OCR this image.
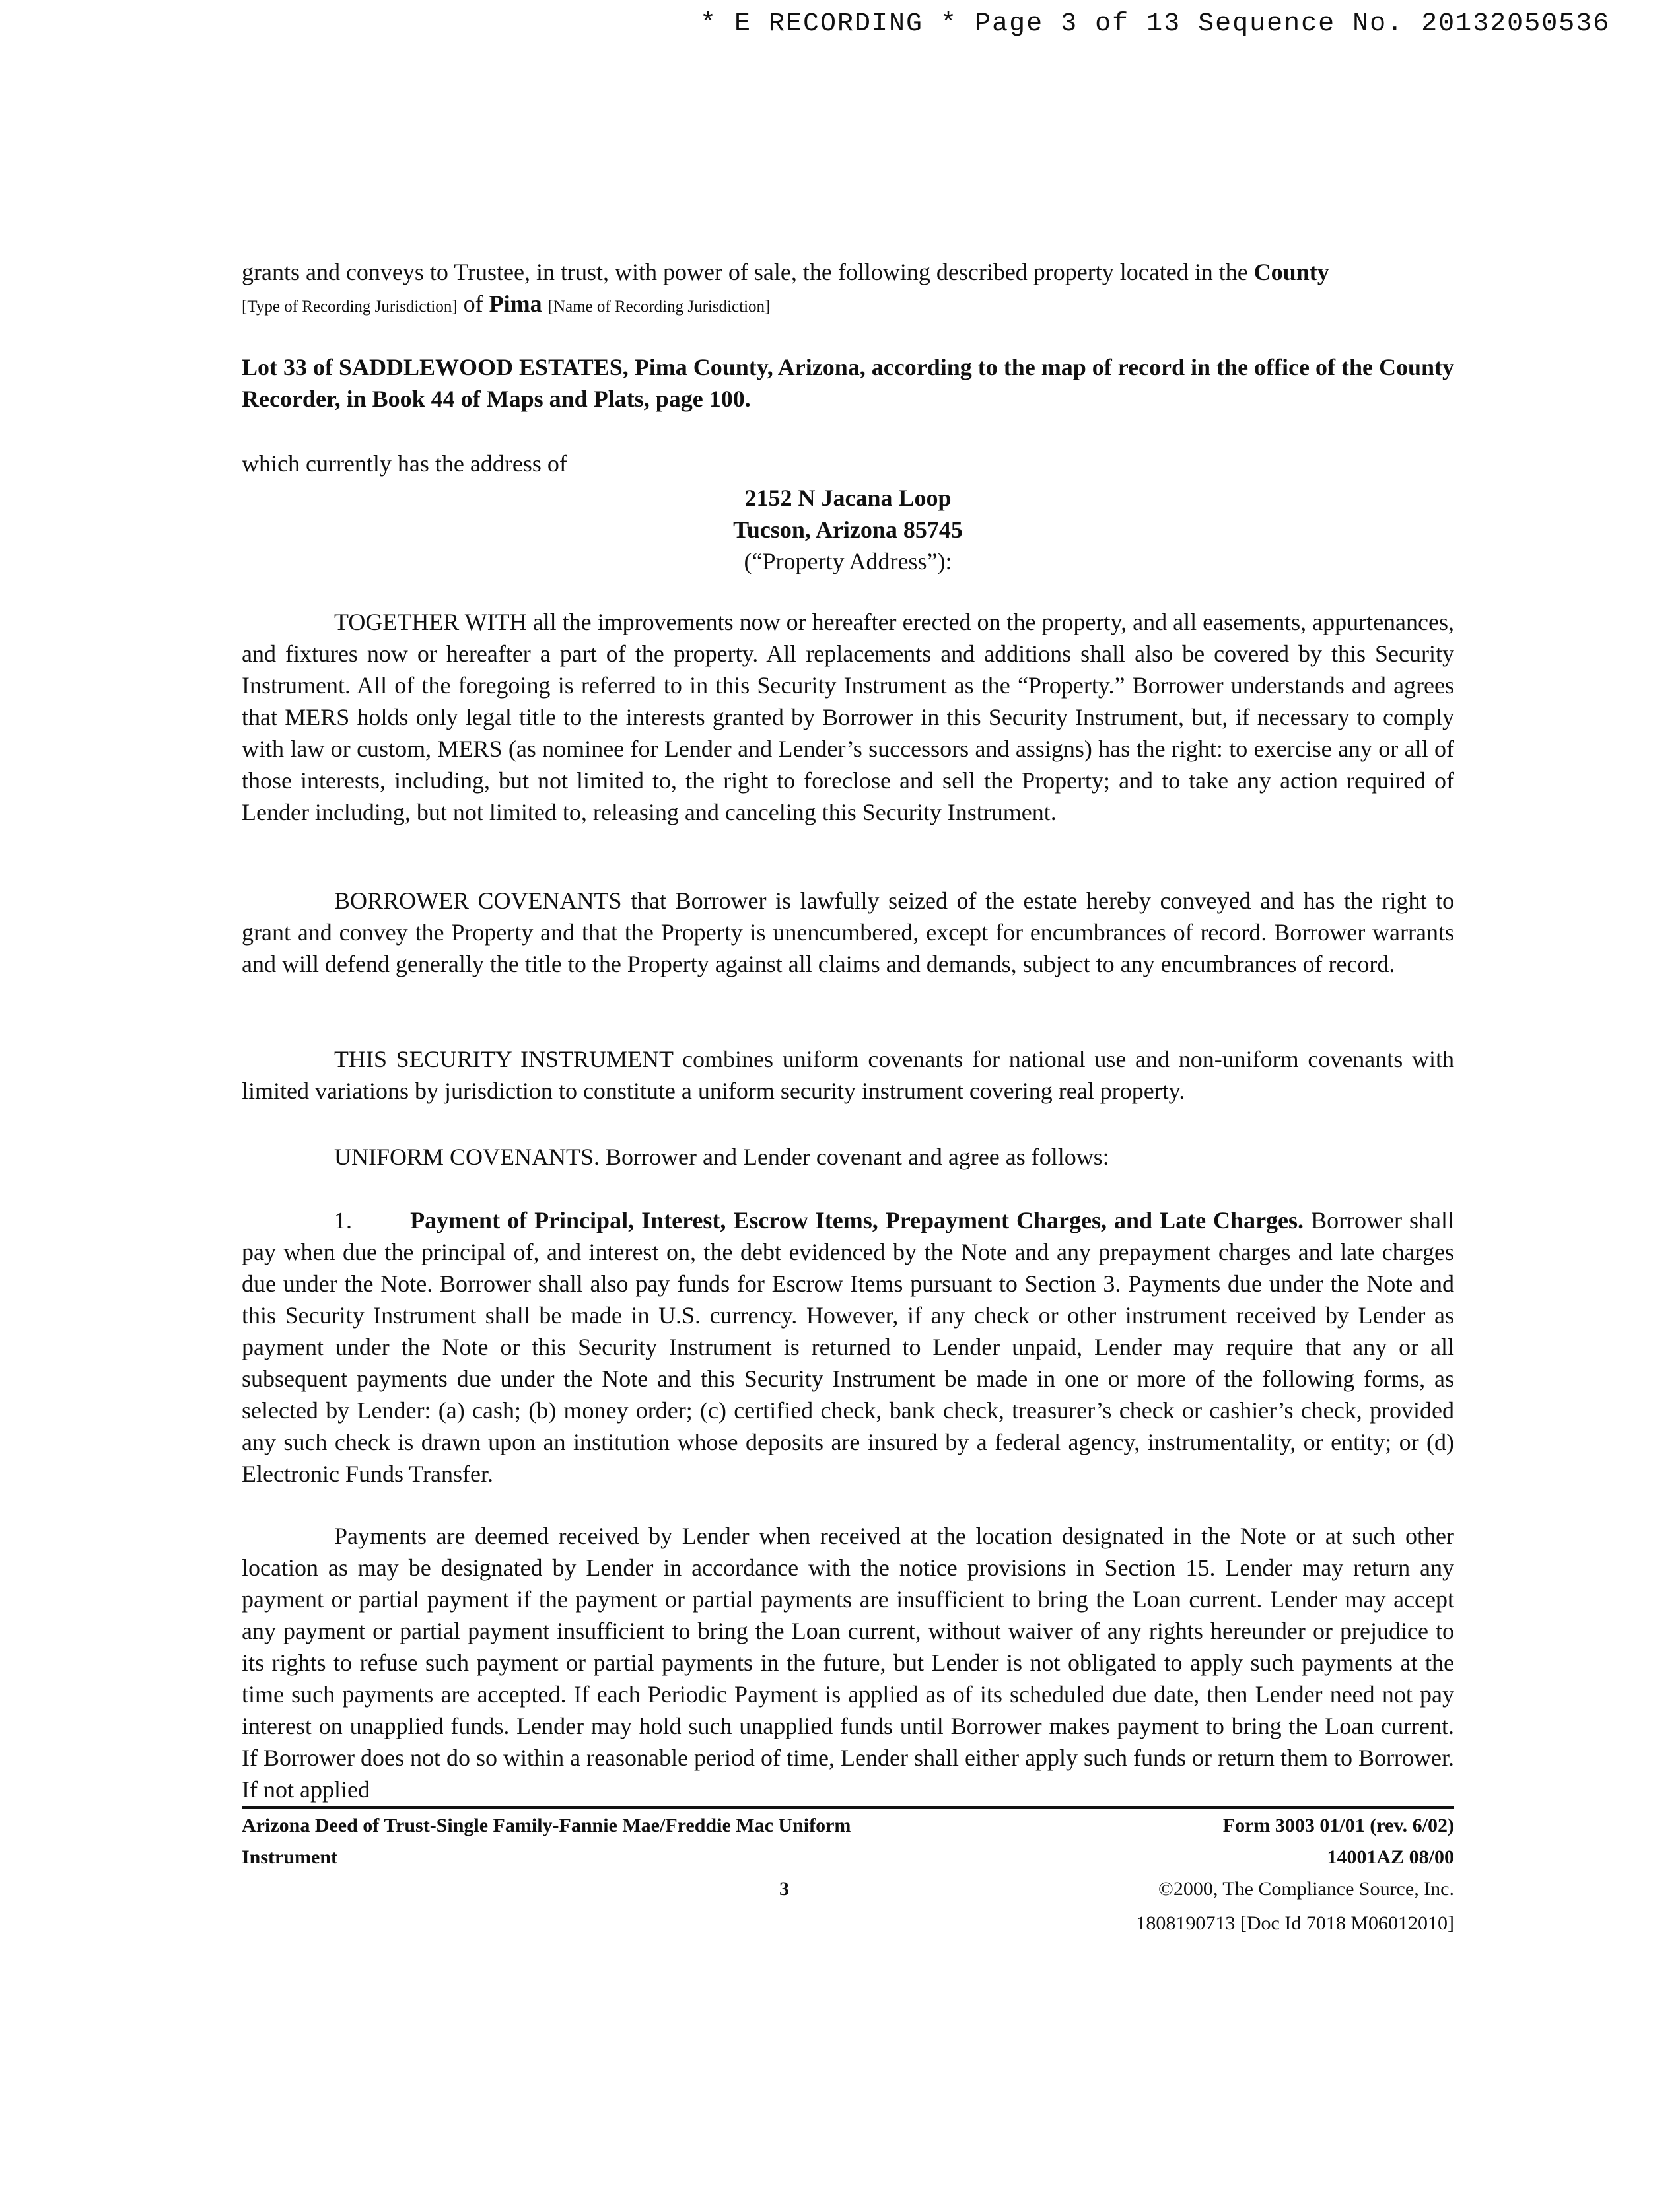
* E RECORDING * Page 3 of 13 Sequence No. 20132050536
grants and conveys to Trustee, in trust, with power of sale, the following described property located in the County
[Type of Recording Jurisdiction] of Pima [Name of Recording Jurisdiction]
Lot 33 of SADDLEWOOD ESTATES, Pima County, Arizona, according to the map of record in the office of the County Recorder, in Book 44 of Maps and Plats, page 100.
which currently has the address of
2152 N Jacana Loop
Tucson, Arizona 85745
(“Property Address”):
TOGETHER WITH all the improvements now or hereafter erected on the property, and all easements, appurtenances, and fixtures now or hereafter a part of the property. All replacements and additions shall also be covered by this Security Instrument. All of the foregoing is referred to in this Security Instrument as the “Property.” Borrower understands and agrees that MERS holds only legal title to the interests granted by Borrower in this Security Instrument, but, if necessary to comply with law or custom, MERS (as nominee for Lender and Lender’s successors and assigns) has the right: to exercise any or all of those interests, including, but not limited to, the right to foreclose and sell the Property; and to take any action required of Lender including, but not limited to, releasing and canceling this Security Instrument.
BORROWER COVENANTS that Borrower is lawfully seized of the estate hereby conveyed and has the right to grant and convey the Property and that the Property is unencumbered, except for encumbrances of record. Borrower warrants and will defend generally the title to the Property against all claims and demands, subject to any encumbrances of record.
THIS SECURITY INSTRUMENT combines uniform covenants for national use and non-uniform covenants with limited variations by jurisdiction to constitute a uniform security instrument covering real property.
UNIFORM COVENANTS. Borrower and Lender covenant and agree as follows:
1. Payment of Principal, Interest, Escrow Items, Prepayment Charges, and Late Charges. Borrower shall pay when due the principal of, and interest on, the debt evidenced by the Note and any prepayment charges and late charges due under the Note. Borrower shall also pay funds for Escrow Items pursuant to Section 3. Payments due under the Note and this Security Instrument shall be made in U.S. currency. However, if any check or other instrument received by Lender as payment under the Note or this Security Instrument is returned to Lender unpaid, Lender may require that any or all subsequent payments due under the Note and this Security Instrument be made in one or more of the following forms, as selected by Lender: (a) cash; (b) money order; (c) certified check, bank check, treasurer’s check or cashier’s check, provided any such check is drawn upon an institution whose deposits are insured by a federal agency, instrumentality, or entity; or (d) Electronic Funds Transfer.
Payments are deemed received by Lender when received at the location designated in the Note or at such other location as may be designated by Lender in accordance with the notice provisions in Section 15. Lender may return any payment or partial payment if the payment or partial payments are insufficient to bring the Loan current. Lender may accept any payment or partial payment insufficient to bring the Loan current, without waiver of any rights hereunder or prejudice to its rights to refuse such payment or partial payments in the future, but Lender is not obligated to apply such payments at the time such payments are accepted. If each Periodic Payment is applied as of its scheduled due date, then Lender need not pay interest on unapplied funds. Lender may hold such unapplied funds until Borrower makes payment to bring the Loan current. If Borrower does not do so within a reasonable period of time, Lender shall either apply such funds or return them to Borrower. If not applied
Arizona Deed of Trust-Single Family-Fannie Mae/Freddie Mac Uniform
Instrument
3
Form 3003 01/01 (rev. 6/02)
14001AZ 08/00
©2000, The Compliance Source, Inc.
1808190713 [Doc Id 7018 M06012010]
